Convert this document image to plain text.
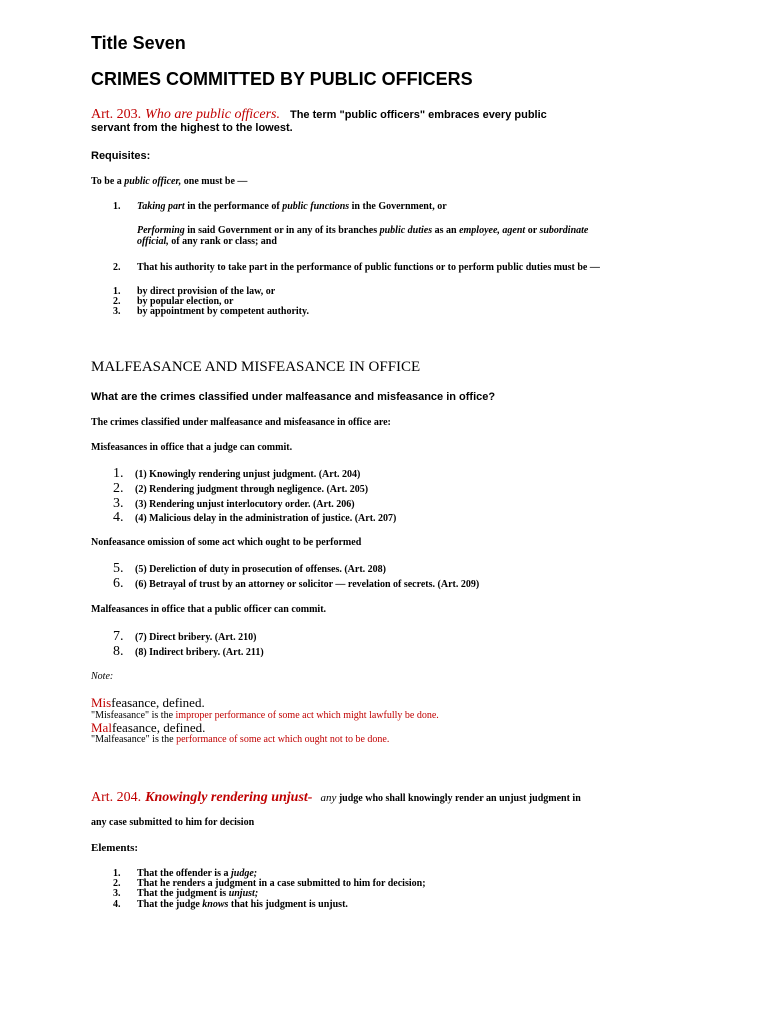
Title Seven
CRIMES COMMITTED BY PUBLIC OFFICERS
Art. 203. Who are public officers. The term "public officers" embraces every public
servant from the highest to the lowest.
Requisites:
To be a public officer, one must be —
1. Taking part in the performance of public functions in the Government, or
Performing in said Government or in any of its branches public duties as an employee, agent or subordinate
official, of any rank or class; and
2. That his authority to take part in the performance of public functions or to perform public duties must be —
1. by direct provision of the law, or
2. by popular election, or
3. by appointment by competent authority.
MALFEASANCE AND MISFEASANCE IN OFFICE
What are the crimes classified under malfeasance and misfeasance in office?
The crimes classified under malfeasance and misfeasance in office are:
Misfeasances in office that a judge can commit.
1. (1) Knowingly rendering unjust judgment. (Art. 204)
2. (2) Rendering judgment through negligence. (Art. 205)
3. (3) Rendering unjust interlocutory order. (Art. 206)
4. (4) Malicious delay in the administration of justice. (Art. 207)
Nonfeasance omission of some act which ought to be performed
5. (5) Dereliction of duty in prosecution of offenses. (Art. 208)
6. (6) Betrayal of trust by an attorney or solicitor — revelation of secrets. (Art. 209)
Malfeasances in office that a public officer can commit.
7. (7) Direct bribery. (Art. 210)
8. (8) Indirect bribery. (Art. 211)
Note:
Misfeasance, defined.
"Misfeasance" is the improper performance of some act which might lawfully be done.
Malfeasance, defined.
"Malfeasance" is the performance of some act which ought not to be done.
Art. 204. Knowingly rendering unjust- any judge who shall knowingly render an unjust judgment in
any case submitted to him for decision
Elements:
1. That the offender is a judge;
2. That he renders a judgment in a case submitted to him for decision;
3. That the judgment is unjust;
4. That the judge knows that his judgment is unjust.
